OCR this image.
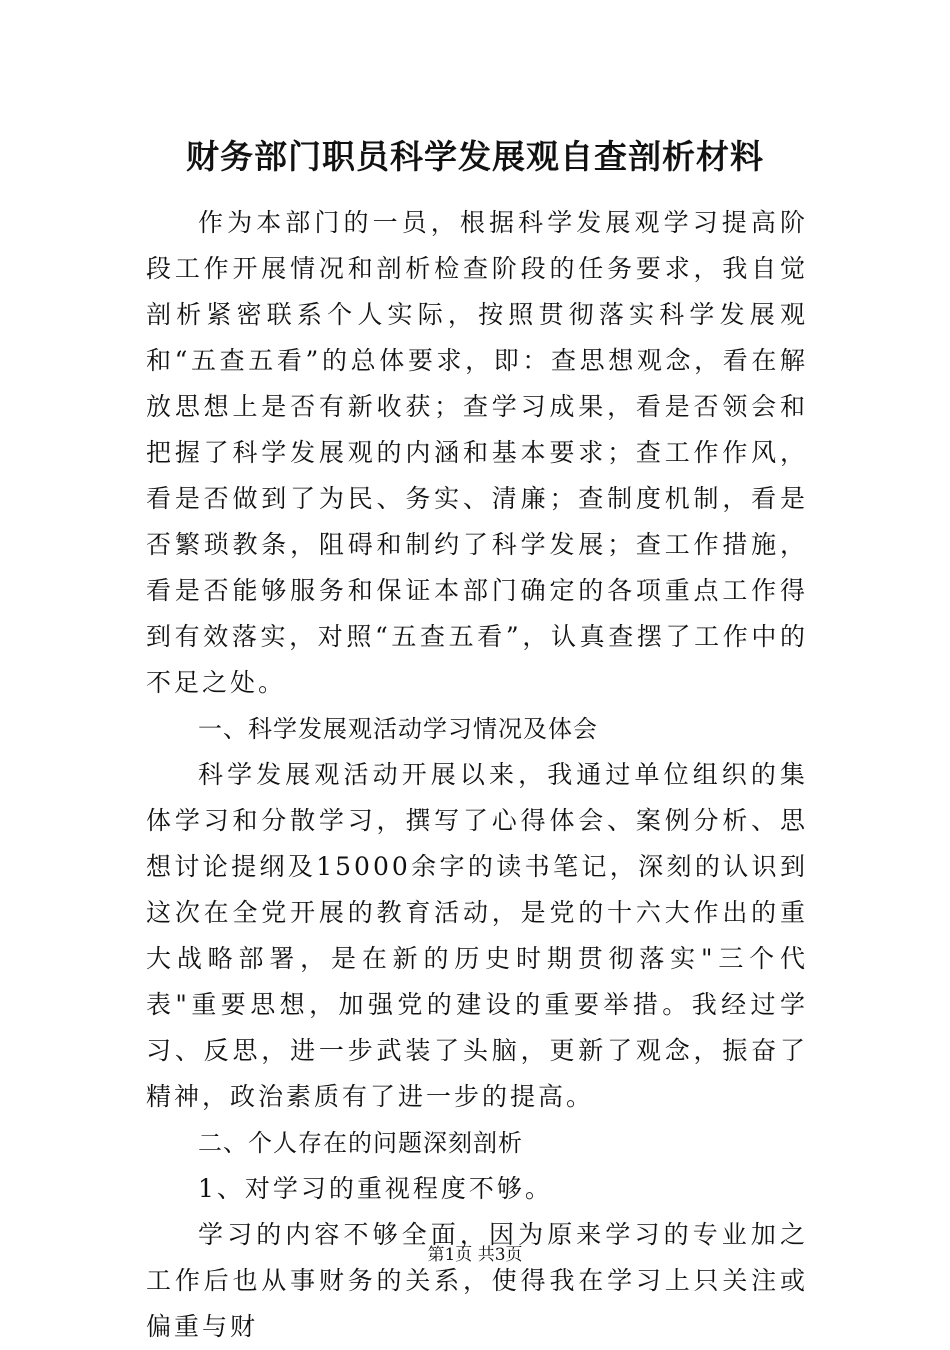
财务部门职员科学发展观自查剖析材料

作为本部门的一员，根据科学发展观学习提高阶段工作开展情况和剖析检查阶段的任务要求，我自觉剖析紧密联系个人实际，按照贯彻落实科学发展观和“五查五看”的总体要求，即：查思想观念，看在解放思想上是否有新收获；查学习成果，看是否领会和把握了科学发展观的内涵和基本要求；查工作作风，看是否做到了为民、务实、清廉；查制度机制，看是否繁琐教条，阻碍和制约了科学发展；查工作措施，看是否能够服务和保证本部门确定的各项重点工作得到有效落实，对照“五查五看”，认真查摆了工作中的不足之处。

一、科学发展观活动学习情况及体会

科学发展观活动开展以来，我通过单位组织的集体学习和分散学习，撰写了心得体会、案例分析、思想讨论提纲及15000余字的读书笔记，深刻的认识到这次在全党开展的教育活动，是党的十六大作出的重大战略部署，是在新的历史时期贯彻落实"三个代表"重要思想，加强党的建设的重要举措。我经过学习、反思，进一步武装了头脑，更新了观念，振奋了精神，政治素质有了进一步的提高。

二、个人存在的问题深刻剖析

1、对学习的重视程度不够。

学习的内容不够全面，因为原来学习的专业加之工作后也从事财务的关系，使得我在学习上只关注或偏重与财

第1页 共3页
